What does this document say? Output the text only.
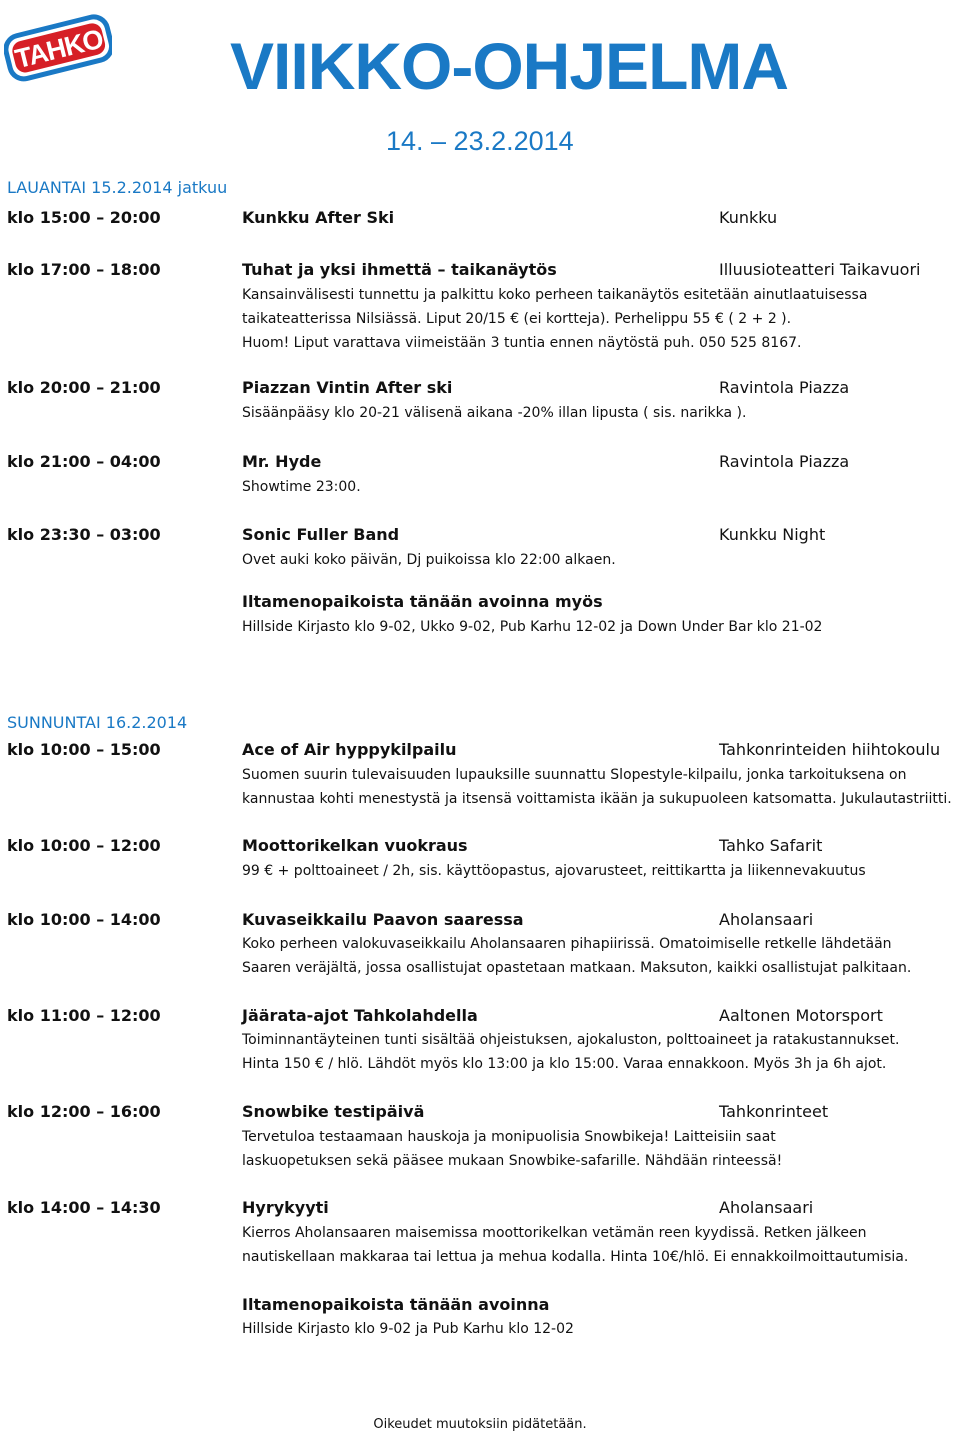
TAHKO VIIKKO-OHJELMA
14. – 23.2.2014
LAUANTAI 15.2.2014 jatkuu
klo 15:00 – 20:00	Kunkku After Ski	Kunkku
klo 17:00 – 18:00	Tuhat ja yksi ihmettä – taikanäytös	Illuusioteatteri Taikavuori
Kansainvälisesti tunnettu ja palkittu koko perheen taikanäytös esitetään ainutlaatuisessa
taikateatterissa Nilsiässä. Liput 20/15 € (ei kortteja). Perhelippu 55 € ( 2 + 2 ).
Huom! Liput varattava viimeistään 3 tuntia ennen näytöstä puh. 050 525 8167.
klo 20:00 – 21:00	Piazzan Vintin After ski	Ravintola Piazza
Sisäänpääsy klo 20-21 välisenä aikana -20% illan lipusta ( sis. narikka ).
klo 21:00 – 04:00	Mr. Hyde	Ravintola Piazza
Showtime 23:00.
klo 23:30 – 03:00	Sonic Fuller Band	Kunkku Night
Ovet auki koko päivän, Dj puikoissa klo 22:00 alkaen.
Iltamenopaikoista tänään avoinna myös
Hillside Kirjasto klo 9-02, Ukko 9-02, Pub Karhu 12-02 ja Down Under Bar klo 21-02
SUNNUNTAI 16.2.2014
klo 10:00 – 15:00	Ace of Air hyppykilpailu	Tahkonrinteiden hiihtokoulu
Suomen suurin tulevaisuuden lupauksille suunnattu Slopestyle-kilpailu, jonka tarkoituksena on
kannustaa kohti menestystä ja itsensä voittamista ikään ja sukupuoleen katsomatta. Jukulautastriitti.
klo 10:00 – 12:00	Moottorikelkan vuokraus	Tahko Safarit
99 € + polttoaineet / 2h, sis. käyttöopastus, ajovarusteet, reittikartta ja liikennevakuutus
klo 10:00 – 14:00	Kuvaseikkailu Paavon saaressa	Aholansaari
Koko perheen valokuvaseikkailu Aholansaaren pihapiirissä. Omatoimiselle retkelle lähdetään
Saaren veräjältä, jossa osallistujat opastetaan matkaan. Maksuton, kaikki osallistujat palkitaan.
klo 11:00 – 12:00	Jäärata-ajot Tahkolahdella	Aaltonen Motorsport
Toiminnantäyteinen tunti sisältää ohjeistuksen, ajokaluston, polttoaineet ja ratakustannukset.
Hinta 150 € / hlö. Lähdöt myös klo 13:00 ja klo 15:00. Varaa ennakkoon. Myös 3h ja 6h ajot.
klo 12:00 – 16:00	Snowbike testipäivä	Tahkonrinteet
Tervetuloa testaamaan hauskoja ja monipuolisia Snowbikeja! Laitteisiin saat
laskuopetuksen sekä pääsee mukaan Snowbike-safarille. Nähdään rinteessä!
klo 14:00 – 14:30	Hyrykyyti	Aholansaari
Kierros Aholansaaren maisemissa moottorikelkan vetämän reen kyydissä. Retken jälkeen
nautiskellaan makkaraa tai lettua ja mehua kodalla. Hinta 10€/hlö. Ei ennakkoilmoittautumisia.
Iltamenopaikoista tänään avoinna
Hillside Kirjasto klo 9-02 ja Pub Karhu klo 12-02
Oikeudet muutoksiin pidätetään.
